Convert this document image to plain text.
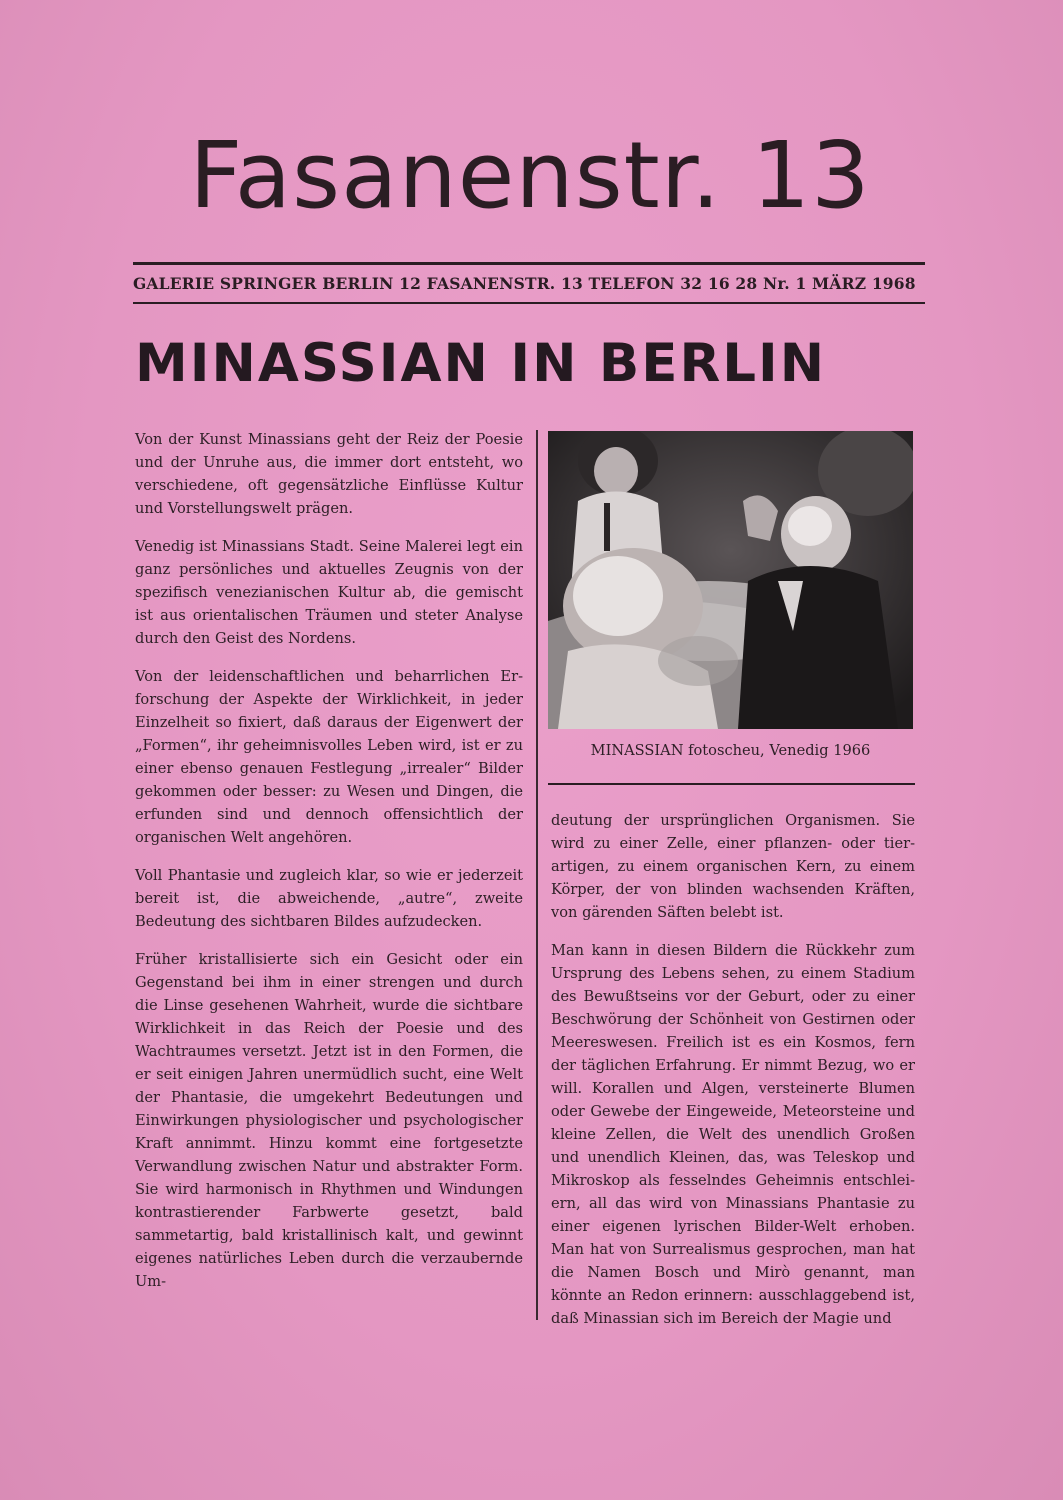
Fasanenstr. 13
GALERIE SPRINGER BERLIN 12 FASANENSTR. 13 TELEFON 32 16 28 Nr. 1 MÄRZ 1968
MINASSIAN IN BERLIN

Von der Kunst Minassians geht der Reiz der Poesie und der Unruhe aus, die immer dort entsteht, wo verschiedene, oft gegensätzliche Einflüsse Kultur und Vorstellungswelt prägen.

Venedig ist Minassians Stadt. Seine Malerei legt ein ganz persönliches und aktuelles Zeugnis von der spezifisch venezianischen Kultur ab, die gemischt ist aus orientalischen Träumen und steter Analyse durch den Geist des Nordens.

Von der leidenschaftlichen und beharrlichen Erforschung der Aspekte der Wirklichkeit, in jeder Einzelheit so fixiert, daß daraus der Eigenwert der „Formen“, ihr geheimnisvolles Leben wird, ist er zu einer ebenso genauen Festlegung „irrealer“ Bilder gekommen oder besser: zu Wesen und Dingen, die erfunden sind und dennoch offensichtlich der organischen Welt angehören.

Voll Phantasie und zugleich klar, so wie er jederzeit bereit ist, die abweichende, „autre“, zweite Bedeutung des sichtbaren Bildes aufzudecken.

Früher kristallisierte sich ein Gesicht oder ein Gegenstand bei ihm in einer strengen und durch die Linse gesehenen Wahrheit, wurde die sichtbare Wirklichkeit in das Reich der Poesie und des Wachtraumes versetzt. Jetzt ist in den Formen, die er seit einigen Jahren unermüdlich sucht, eine Welt der Phantasie, die umgekehrt Bedeutungen und Einwirkungen physiologischer und psychologischer Kraft annimmt. Hinzu kommt eine fortgesetzte Verwandlung zwischen Natur und abstrakter Form. Sie wird harmonisch in Rhythmen und Windungen kontrastierender Farbwerte gesetzt, bald sammetartig, bald kristallinisch kalt, und gewinnt eigenes natürliches Leben durch die verzaubernde Um-

MINASSIAN fotoscheu, Venedig 1966

deutung der ursprünglichen Organismen. Sie wird zu einer Zelle, einer pflanzen- oder tierartigen, zu einem organischen Kern, zu einem Körper, der von blinden wachsenden Kräften, von gärenden Säften belebt ist.

Man kann in diesen Bildern die Rückkehr zum Ursprung des Lebens sehen, zu einem Stadium des Bewußtseins vor der Geburt, oder zu einer Beschwörung der Schönheit von Gestirnen oder Meereswesen. Freilich ist es ein Kosmos, fern der täglichen Erfahrung. Er nimmt Bezug, wo er will. Korallen und Algen, versteinerte Blumen oder Gewebe der Eingeweide, Meteorsteine und kleine Zellen, die Welt des unendlich Großen und unendlich Kleinen, das, was Teleskop und Mikroskop als fesselndes Geheimnis entschleiern, all das wird von Minassians Phantasie zu einer eigenen lyrischen Bilder-Welt erhoben. Man hat von Surrealismus gesprochen, man hat die Namen Bosch und Mirò genannt, man könnte an Redon erinnern: ausschlaggebend ist, daß Minassian sich im Bereich der Magie und
